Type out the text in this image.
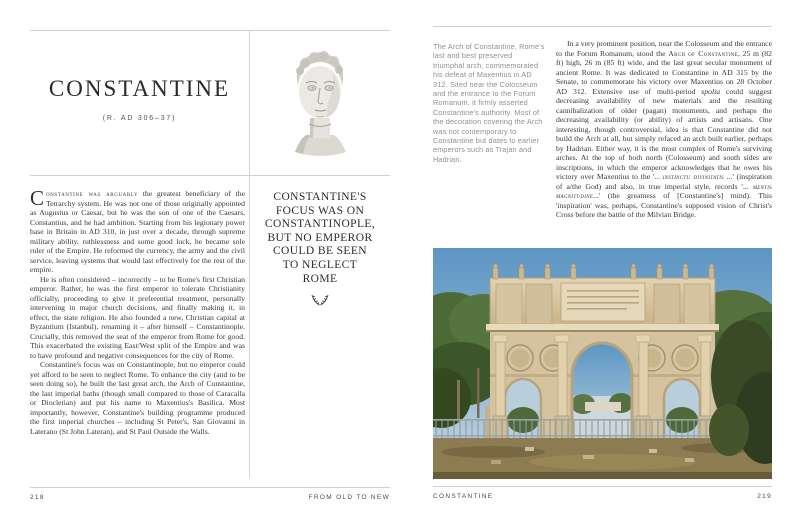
CONSTANTINE
(R. AD 306–37)

Constantine was arguably the greatest beneficiary of the Tetrarchy system. He was not one of those originally appointed as Augustus or Caesar, but he was the son of one of the Caesars, Constantius, and he had ambition. Starting from his legionary power base in Britain in AD 310, in just over a decade, through supreme military ability, ruthlessness and some good luck, he became sole ruler of the Empire. He reformed the currency, the army and the civil service, leaving systems that would last effectively for the rest of the empire.

He is often considered – incorrectly – to be Rome's first Christian emperor. Rather, he was the first emperor to tolerate Christianity officially, proceeding to give it preferential treatment, personally intervening in major church decisions, and finally making it, in effect, the state religion. He also founded a new, Christian capital at Byzantium (Istanbul), renaming it – after himself – Constantinople. Crucially, this removed the seat of the emperor from Rome for good. This exacerbated the existing East/West split of the Empire and was to have profound and negative consequences for the city of Rome.

Constantine's focus was on Constantinople, but no emperor could yet afford to be seen to neglect Rome. To enhance the city (and to be seen doing so), he built the last great arch, the Arch of Constantine, the last imperial baths (though small compared to those of Caracalla or Diocletian) and put his name to Maxentius's Basilica. Most importantly, however, Constantine's building programme produced the first imperial churches – including St Peter's, San Giovanni in Laterano (St John Lateran), and St Paul Outside the Walls.

CONSTANTINE'S
FOCUS WAS ON
CONSTANTINOPLE,
BUT NO EMPEROR
COULD BE SEEN
TO NEGLECT
ROME
218	FROM OLD TO NEW
The Arch of Constantine, Rome's last and best preserved triumphal arch, commemorated his defeat of Maxentius in AD 312. Sited near the Colosseum and the entrance to the Forum Romanum, it firmly asserted Constantine's authority. Most of the decoration covering the Arch was not contemporary to Constantine but dates to earlier emperors such as Trajan and Hadrian.

In a very prominent position, near the Colosseum and the entrance to the Forum Romanum, stood the Arch of Constantine, 25 m (82 ft) high, 26 m (85 ft) wide, and the last great secular monument of ancient Rome. It was dedicated to Constantine in AD 315 by the Senate, to commemorate his victory over Maxentius on 28 October AD 312. Extensive use of multi-period spolia could suggest decreasing availability of new materials and the resulting cannibalization of older (pagan) monuments, and perhaps the decreasing availability (or ability) of artists and artisans. One interesting, though controversial, idea is that Constantine did not build the Arch at all, but simply refaced an arch built earlier, perhaps by Hadrian. Either way, it is the most complex of Rome's surviving arches. At the top of both north (Colosseum) and south sides are inscriptions, in which the emperor acknowledges that he owes his victory over Maxentius to the '... instinctu divinitatis ...' (inspiration of a/the God) and also, in true imperial style, records '... mentis magnitudine...' (the greatness of [Constantine's] mind). This 'inspiration' was, perhaps, Constantine's supposed vision of Christ's Cross before the battle of the Milvian Bridge.

CONSTANTINE	219
